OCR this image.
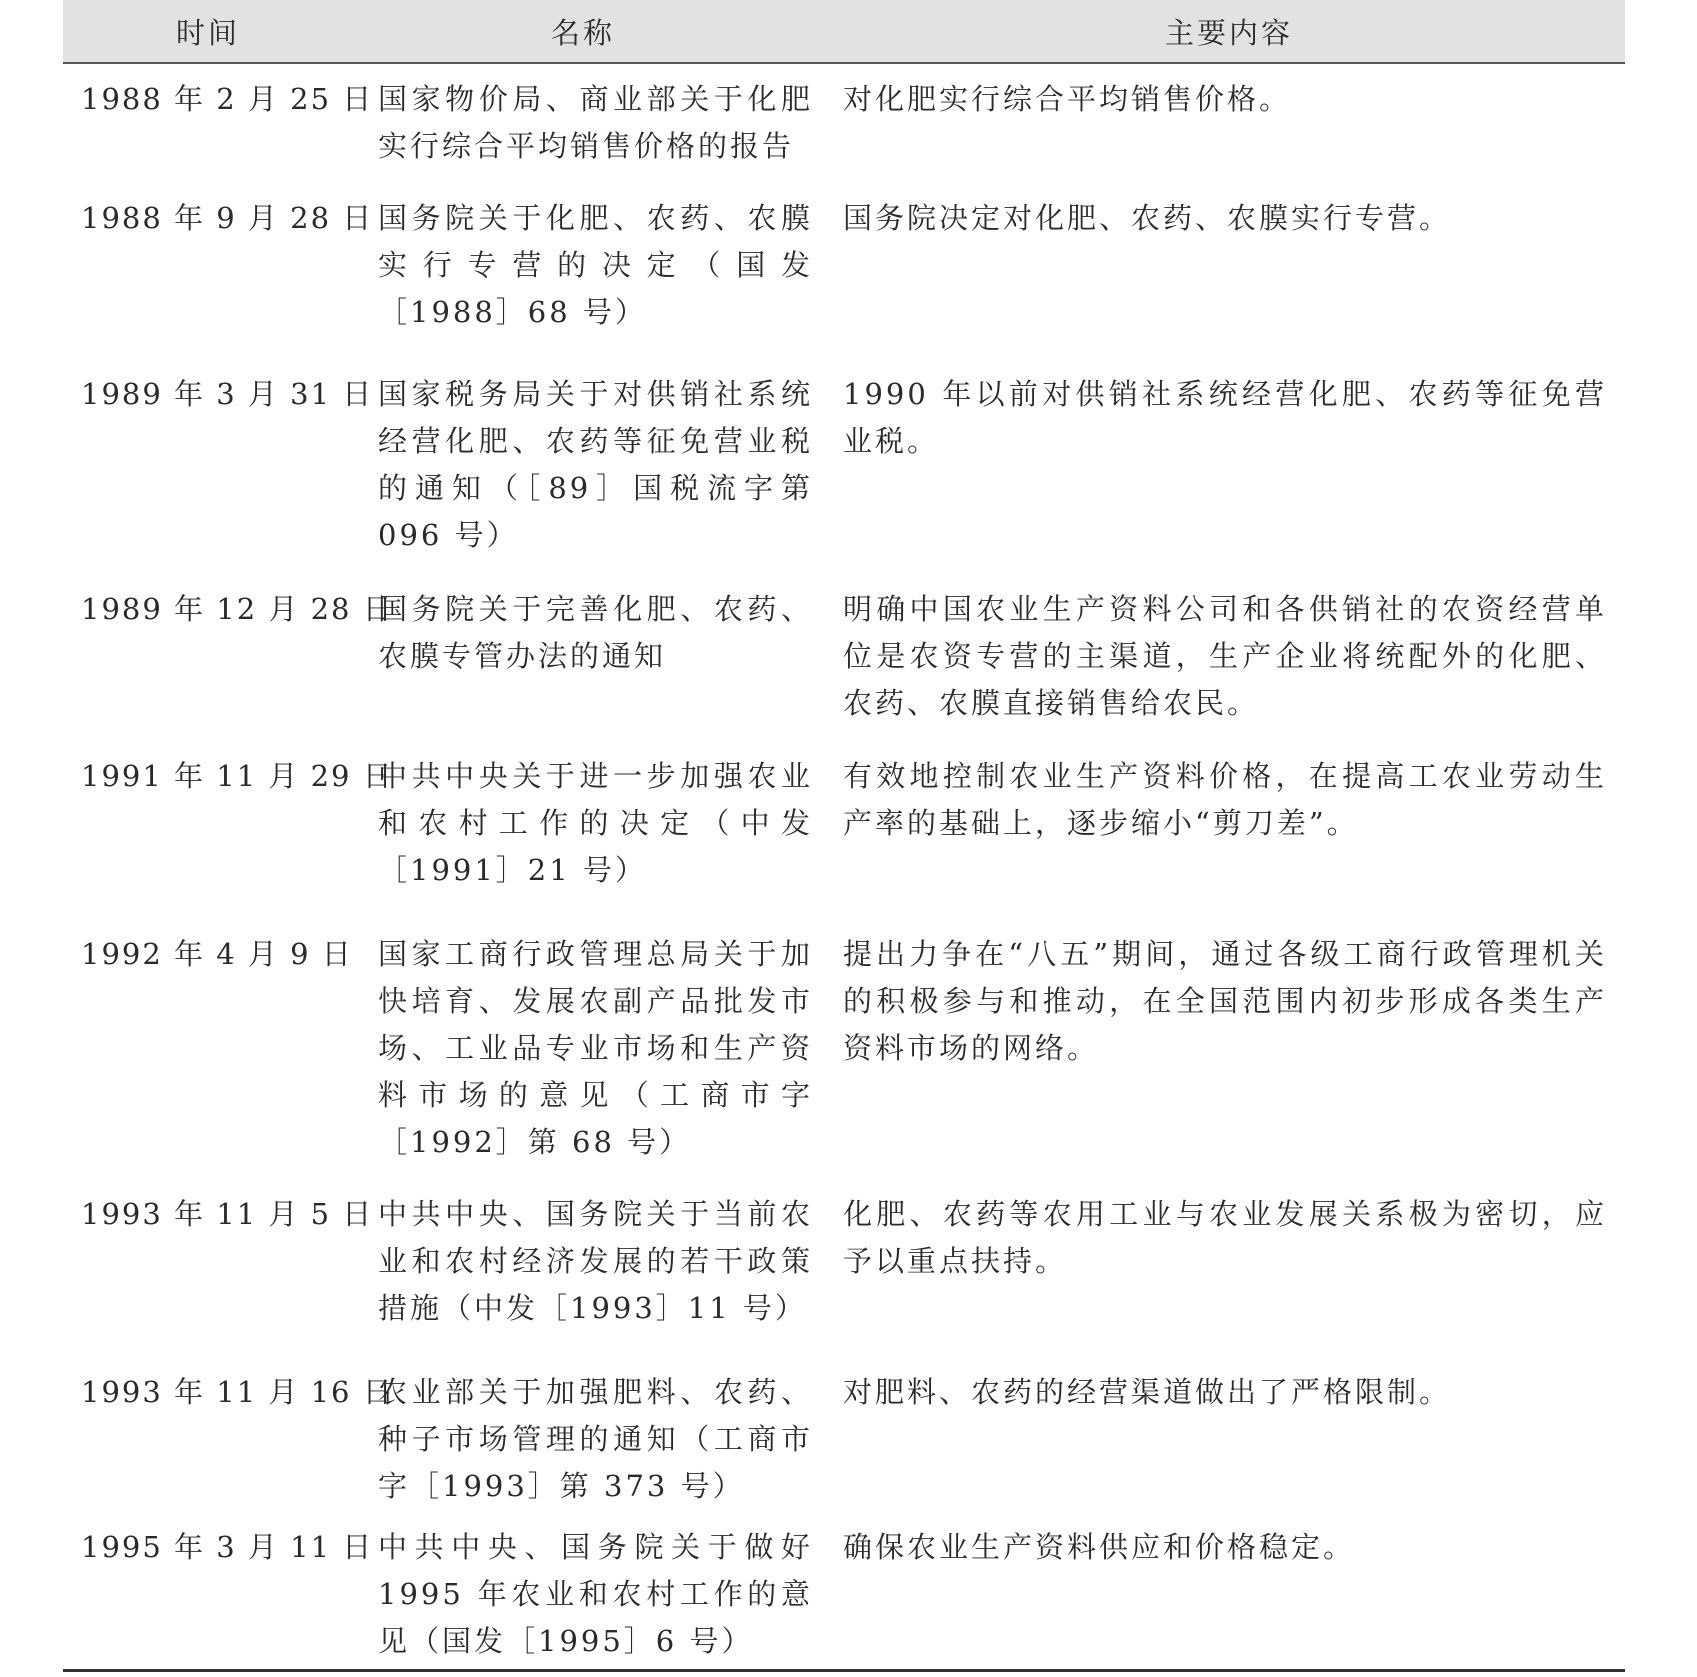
时间	名称	主要内容
1988 年 2 月 25 日	国家物价局、商业部关于化肥实行综合平均销售价格的报告	对化肥实行综合平均销售价格。
1988 年 9 月 28 日	国务院关于化肥、农药、农膜实行专营的决定（国发［1988］68 号）	国务院决定对化肥、农药、农膜实行专营。
1989 年 3 月 31 日	国家税务局关于对供销社系统经营化肥、农药等征免营业税的通知（［89］国税流字第 096 号）	1990 年以前对供销社系统经营化肥、农药等征免营业税。
1989 年 12 月 28 日	国务院关于完善化肥、农药、农膜专管办法的通知	明确中国农业生产资料公司和各供销社的农资经营单位是农资专营的主渠道，生产企业将统配外的化肥、农药、农膜直接销售给农民。
1991 年 11 月 29 日	中共中央关于进一步加强农业和农村工作的决定（中发［1991］21 号）	有效地控制农业生产资料价格，在提高工农业劳动生产率的基础上，逐步缩小“剪刀差”。
1992 年 4 月 9 日	国家工商行政管理总局关于加快培育、发展农副产品批发市场、工业品专业市场和生产资料市场的意见（工商市字［1992］第 68 号）	提出力争在“八五”期间，通过各级工商行政管理机关的积极参与和推动，在全国范围内初步形成各类生产资料市场的网络。
1993 年 11 月 5 日	中共中央、国务院关于当前农业和农村经济发展的若干政策措施（中发［1993］11 号）	化肥、农药等农用工业与农业发展关系极为密切，应予以重点扶持。
1993 年 11 月 16 日	农业部关于加强肥料、农药、种子市场管理的通知（工商市字［1993］第 373 号）	对肥料、农药的经营渠道做出了严格限制。
1995 年 3 月 11 日	中共中央、国务院关于做好 1995 年农业和农村工作的意见（国发［1995］6 号）	确保农业生产资料供应和价格稳定。
